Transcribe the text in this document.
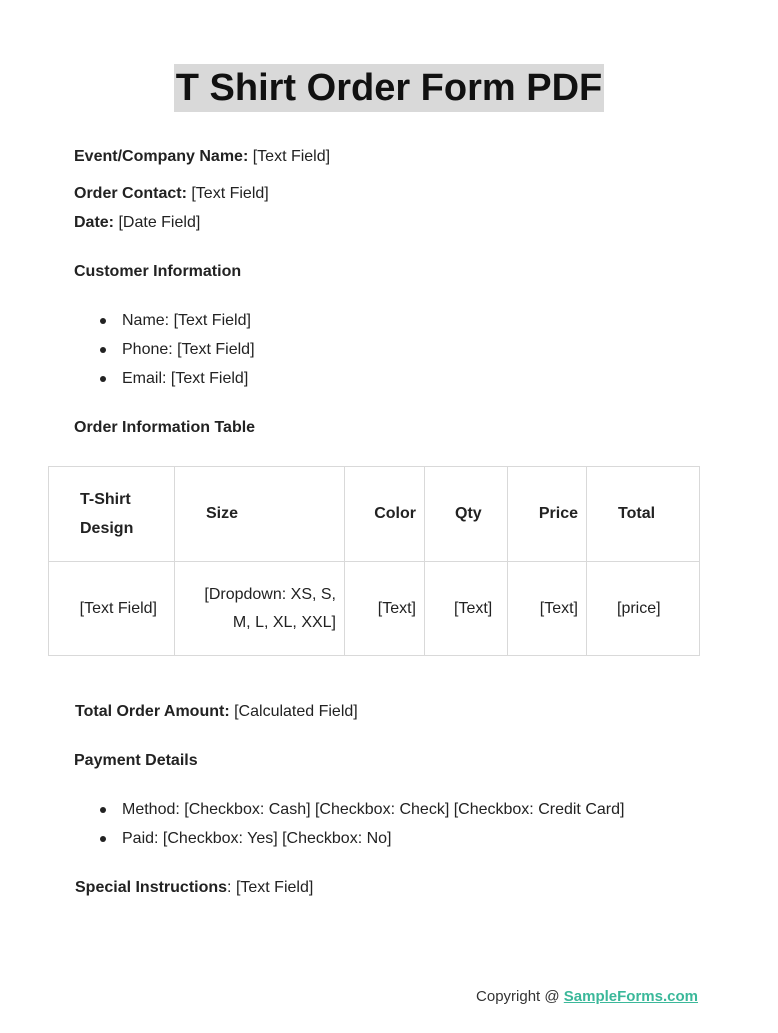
T Shirt Order Form PDF
Event/Company Name: [Text Field]
Order Contact: [Text Field]
Date: [Date Field]
Customer Information
Name: [Text Field]
Phone: [Text Field]
Email: [Text Field]
Order Information Table
T-Shirt Design	Size	Color	Qty	Price	Total
[Text Field]	[Dropdown: XS, S, M, L, XL, XXL]	[Text]	[Text]	[Text]	[price]
Total Order Amount: [Calculated Field]
Payment Details
Method: [Checkbox: Cash] [Checkbox: Check] [Checkbox: Credit Card]
Paid: [Checkbox: Yes] [Checkbox: No]
Special Instructions: [Text Field]
Copyright @ SampleForms.com
